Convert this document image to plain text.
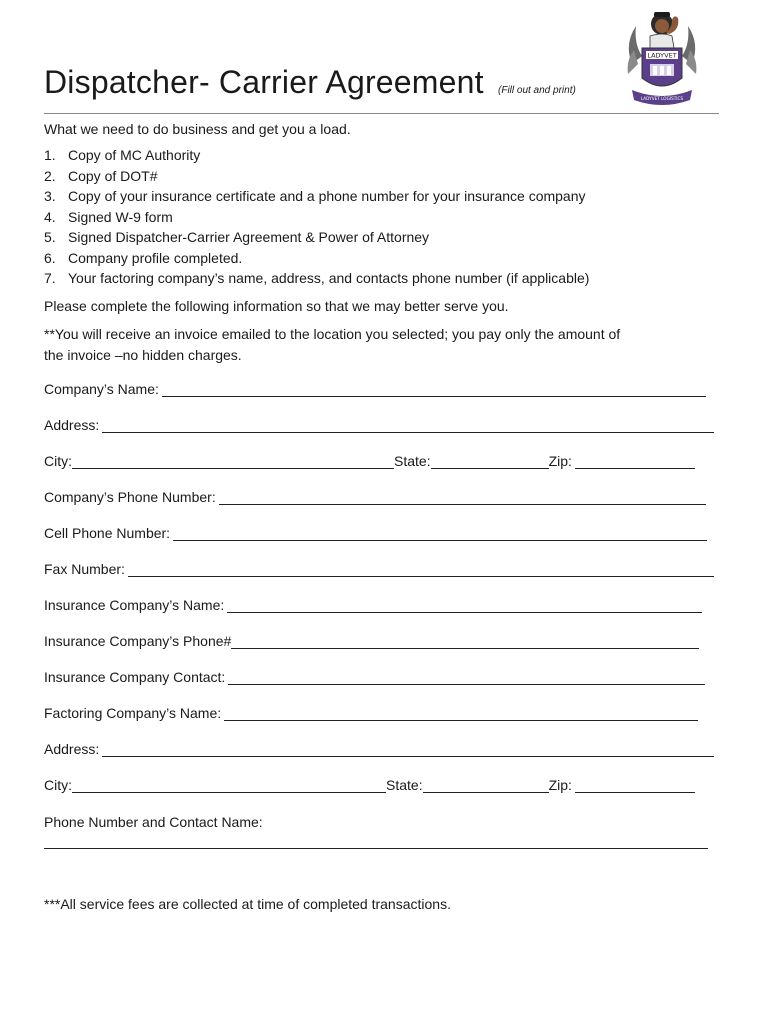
Dispatcher- Carrier Agreement (Fill out and print)
LADYVET
LADYVET LOGISTICS
What we need to do business and get you a load.
1. Copy of MC Authority
2. Copy of DOT#
3. Copy of your insurance certificate and a phone number for your insurance company
4. Signed W-9 form
5. Signed Dispatcher-Carrier Agreement & Power of Attorney
6. Company profile completed.
7. Your factoring company’s name, address, and contacts phone number (if applicable)
Please complete the following information so that we may better serve you.
**You will receive an invoice emailed to the location you selected; you pay only the amount of
the invoice –no hidden charges.
Company’s Name:
Address:
City:	State:	Zip:
Company’s Phone Number:
Cell Phone Number:
Fax Number:
Insurance Company’s Name:
Insurance Company’s Phone#
Insurance Company Contact:
Factoring Company’s Name:
Address:
City:	State:	Zip:
Phone Number and Contact Name:
***All service fees are collected at time of completed transactions.
